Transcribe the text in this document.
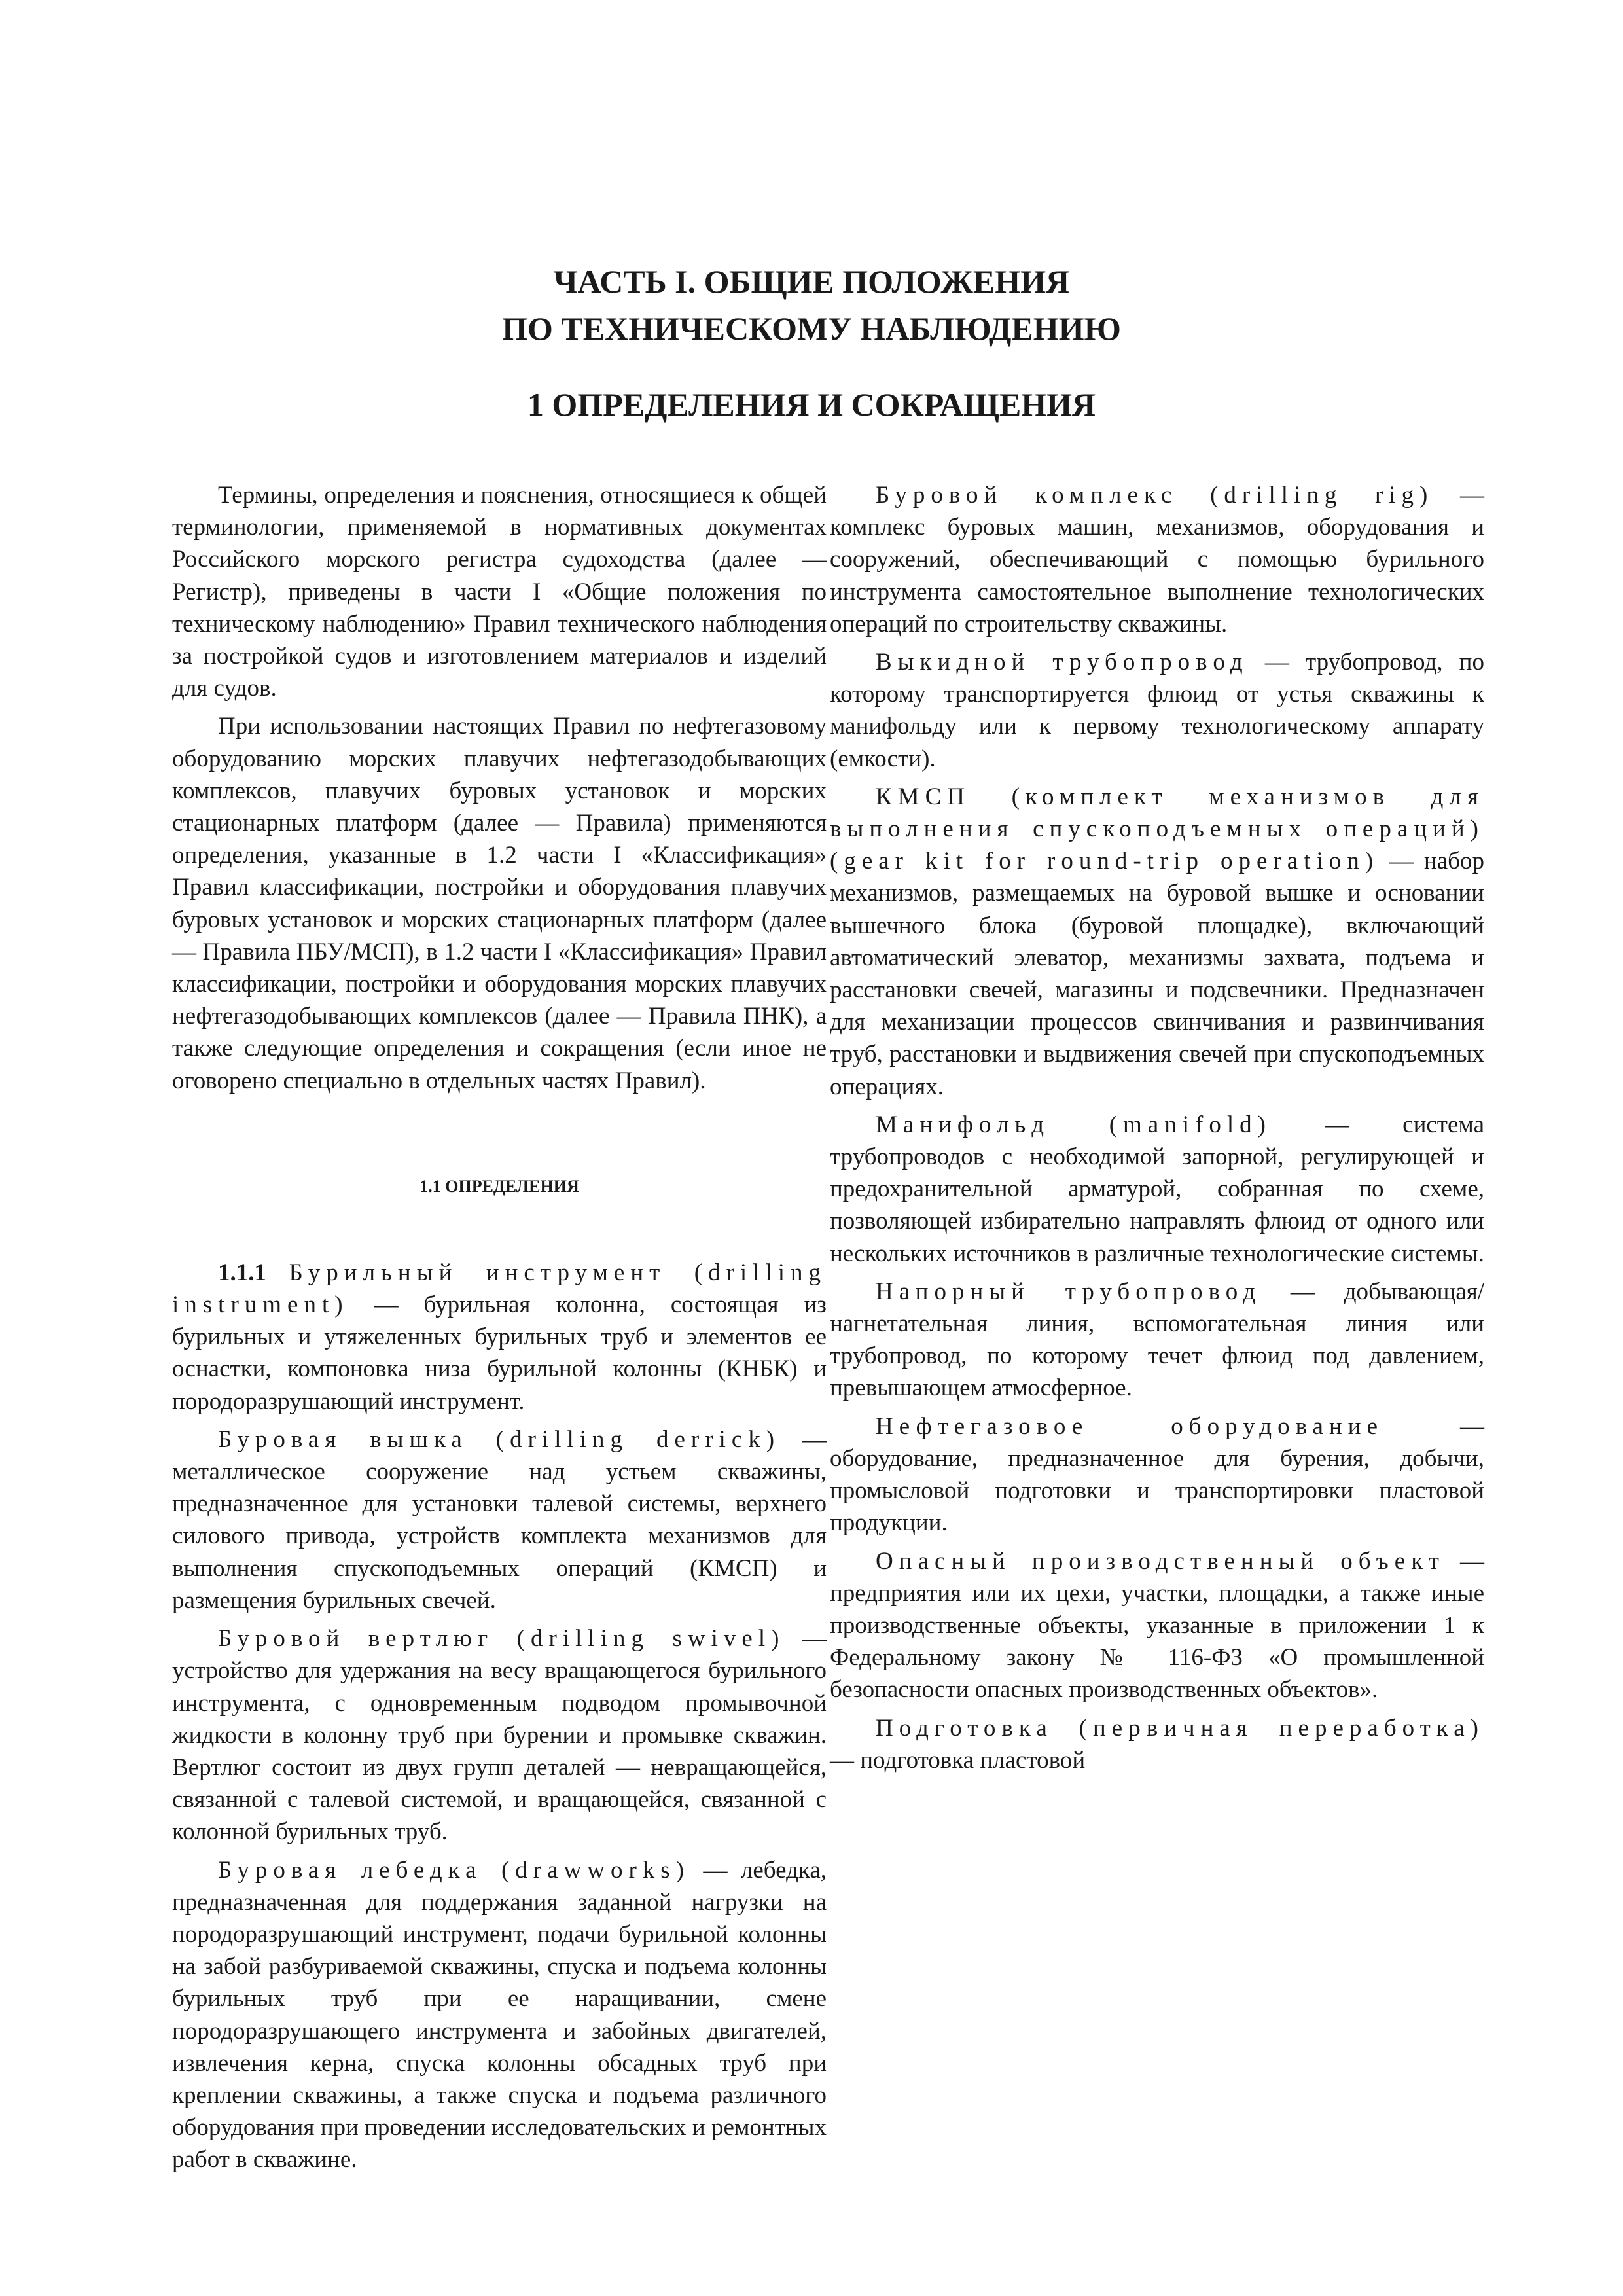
ЧАСТЬ I. ОБЩИЕ ПОЛОЖЕНИЯ
ПО ТЕХНИЧЕСКОМУ НАБЛЮДЕНИЮ
1 ОПРЕДЕЛЕНИЯ И СОКРАЩЕНИЯ

Термины, определения и пояснения, относящиеся к общей терминологии, применяемой в нормативных документах Российского морского регистра судоходства (далее — Регистр), приведены в части I «Общие положения по техническому наблюдению» Правил технического наблюдения за постройкой судов и изготовлением материалов и изделий для судов.

При использовании настоящих Правил по нефтегазовому оборудованию морских плавучих нефтегазодобывающих комплексов, плавучих буровых установок и морских стационарных платформ (далее — Правила) применяются определения, указанные в 1.2 части I «Классификация» Правил классификации, постройки и оборудования плавучих буровых установок и морских стационарных платформ (далее — Правила ПБУ/МСП), в 1.2 части I «Классификация» Правил классификации, постройки и оборудования морских плавучих нефтегазодобывающих комплексов (далее — Правила ПНК), а также следующие определения и сокращения (если иное не оговорено специально в отдельных частях Правил).

1.1 ОПРЕДЕЛЕНИЯ

1.1.1 Бурильный инструмент (drilling instrument) — бурильная колонна, состоящая из бурильных и утяжеленных бурильных труб и элементов ее оснастки, компоновка низа бурильной колонны (КНБК) и породоразрушающий инструмент.

Буровая вышка (drilling derrick) — металлическое сооружение над устьем скважины, предназначенное для установки талевой системы, верхнего силового привода, устройств комплекта механизмов для выполнения спускоподъемных операций (КМСП) и размещения бурильных свечей.

Буровой вертлюг (drilling swivel) — устройство для удержания на весу вращающегося бурильного инструмента, с одновременным подводом промывочной жидкости в колонну труб при бурении и промывке скважин. Вертлюг состоит из двух групп деталей — невращающейся, связанной с талевой системой, и вращающейся, связанной с колонной бурильных труб.

Буровая лебедка (drawworks) — лебедка, предназначенная для поддержания заданной нагрузки на породоразрушающий инструмент, подачи бурильной колонны на забой разбуриваемой скважины, спуска и подъема колонны бурильных труб при ее наращивании, смене породоразрушающего инструмента и забойных двигателей, извлечения керна, спуска колонны обсадных труб при креплении скважины, а также спуска и подъема различного оборудования при проведении исследовательских и ремонтных работ в скважине.

Буровой комплекс (drilling rig) — комплекс буровых машин, механизмов, оборудования и сооружений, обеспечивающий с помощью бурильного инструмента самостоятельное выполнение технологических операций по строительству скважины.

Выкидной трубопровод — трубопровод, по которому транспортируется флюид от устья скважины к манифольду или к первому технологическому аппарату (емкости).

КМСП (комплект механизмов для выполнения спускоподъемных операций) (gear kit for round-trip operation) — набор механизмов, размещаемых на буровой вышке и основании вышечного блока (буровой площадке), включающий автоматический элеватор, механизмы захвата, подъема и расстановки свечей, магазины и подсвечники. Предназначен для механизации процессов свинчивания и развинчивания труб, расстановки и выдвижения свечей при спускоподъемных операциях.

Манифольд (manifold) — система трубопроводов с необходимой запорной, регулирующей и предохранительной арматурой, собранная по схеме, позволяющей избирательно направлять флюид от одного или нескольких источников в различные технологические системы.

Напорный трубопровод — добывающая/нагнетательная линия, вспомогательная линия или трубопровод, по которому течет флюид под давлением, превышающем атмосферное.

Нефтегазовое оборудование	— оборудование, предназначенное для бурения, добычи, промысловой подготовки и транспортировки пластовой продукции.

Опасный производственный объект — предприятия или их цехи, участки, площадки, а также иные производственные объекты, указанные в приложении 1 к Федеральному закону № 116-ФЗ «О промышленной безопасности опасных производственных объектов».

Подготовка (первичная переработка) — подготовка пластовой
